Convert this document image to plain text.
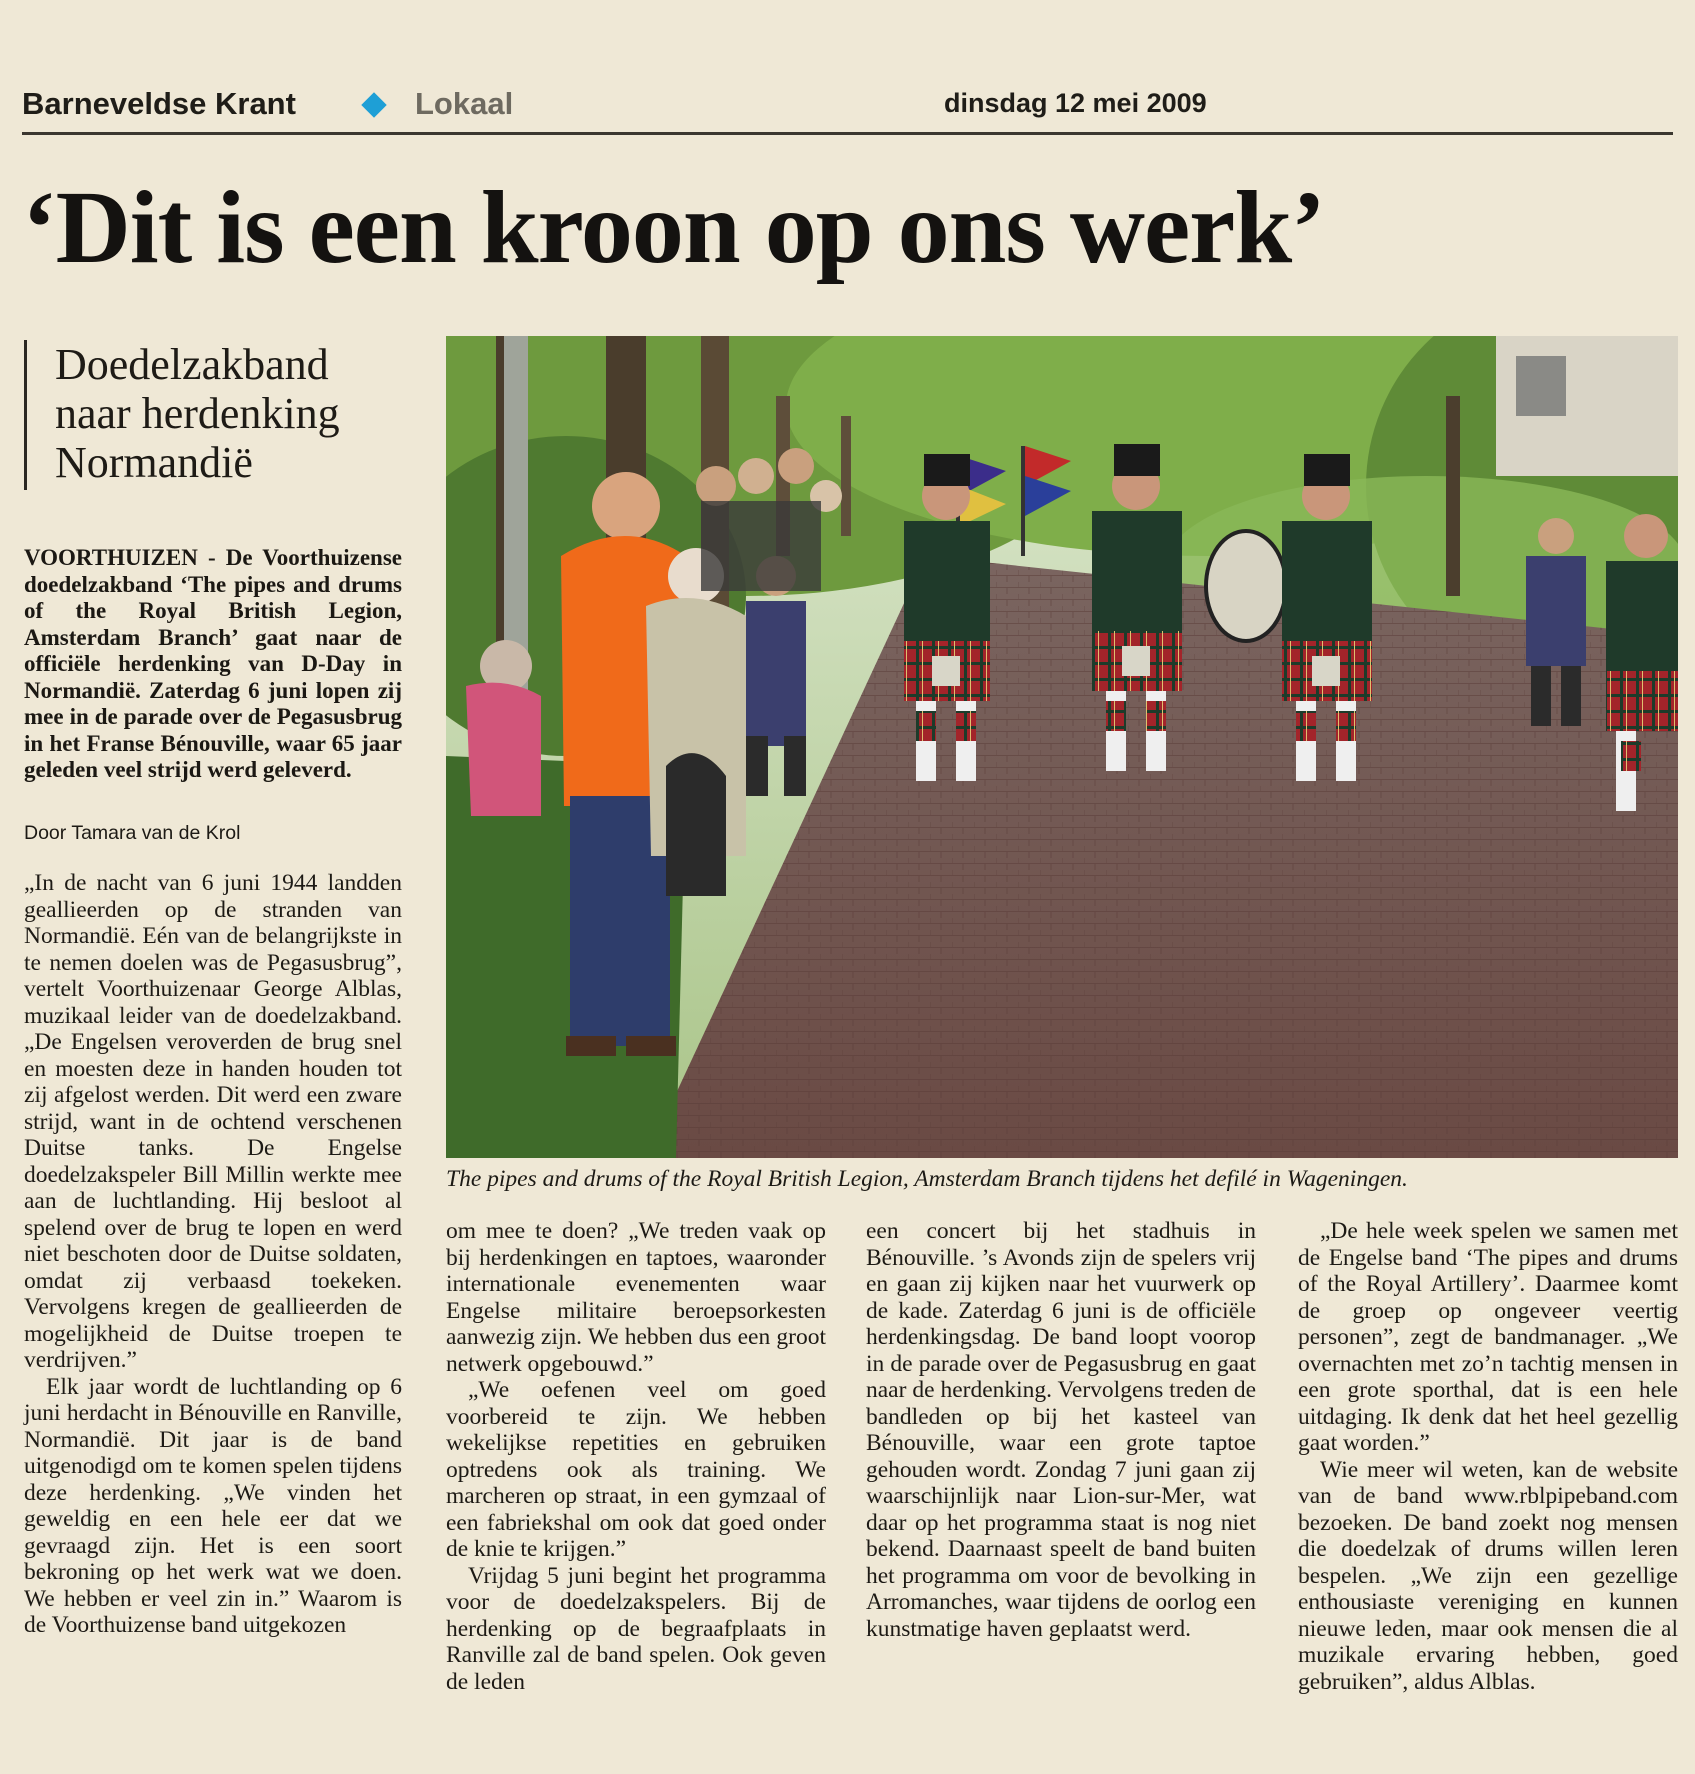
Barneveldse Krant	Lokaal	dinsdag 12 mei 2009
‘Dit is een kroon op ons werk’
Doedelzakband
naar herdenking
Normandië
The pipes and drums of the Royal British Legion, Amsterdam Branch tijdens het defilé in Wageningen.

VOORTHUIZEN - De Voorthuizense doedelzakband ‘The pipes and drums of the Royal British Legion, Amsterdam Branch’ gaat naar de officiële herdenking van D-Day in Normandië. Zaterdag 6 juni lopen zij mee in de parade over de Pegasusbrug in het Franse Bénouville, waar 65 jaar geleden veel strijd werd geleverd.

Door Tamara van de Krol

„In de nacht van 6 juni 1944 landden geallieerden op de stranden van Normandië. Eén van de belangrijkste in te nemen doelen was de Pegasusbrug”, vertelt Voorthuizenaar George Alblas, muzikaal leider van de doedelzakband. „De Engelsen veroverden de brug snel en moesten deze in handen houden tot zij afgelost werden. Dit werd een zware strijd, want in de ochtend verschenen Duitse tanks. De Engelse doedelzakspeler Bill Millin werkte mee aan de luchtlanding. Hij besloot al spelend over de brug te lopen en werd niet beschoten door de Duitse soldaten, omdat zij verbaasd toekeken. Vervolgens kregen de geallieerden de mogelijkheid de Duitse troepen te verdrijven.”

Elk jaar wordt de luchtlanding op 6 juni herdacht in Bénouville en Ranville, Normandië. Dit jaar is de band uitgenodigd om te komen spelen tijdens deze herdenking. „We vinden het geweldig en een hele eer dat we gevraagd zijn. Het is een soort bekroning op het werk wat we doen. We hebben er veel zin in.” Waarom is de Voorthuizense band uitgekozen

om mee te doen? „We treden vaak op bij herdenkingen en taptoes, waaronder internationale evenementen waar Engelse militaire beroepsorkesten aanwezig zijn. We hebben dus een groot netwerk opgebouwd.”

„We oefenen veel om goed voorbereid te zijn. We hebben wekelijkse repetities en gebruiken optredens ook als training. We marcheren op straat, in een gymzaal of een fabriekshal om ook dat goed onder de knie te krijgen.”

Vrijdag 5 juni begint het programma voor de doedelzakspelers. Bij de herdenking op de begraafplaats in Ranville zal de band spelen. Ook geven de leden

een concert bij het stadhuis in Bénouville. ’s Avonds zijn de spelers vrij en gaan zij kijken naar het vuurwerk op de kade. Zaterdag 6 juni is de officiële herdenkingsdag. De band loopt voorop in de parade over de Pegasusbrug en gaat naar de herdenking. Vervolgens treden de bandleden op bij het kasteel van Bénouville, waar een grote taptoe gehouden wordt. Zondag 7 juni gaan zij waarschijnlijk naar Lion-sur-Mer, wat daar op het programma staat is nog niet bekend. Daarnaast speelt de band buiten het programma om voor de bevolking in Arromanches, waar tijdens de oorlog een kunstmatige haven geplaatst werd.

„De hele week spelen we samen met de Engelse band ‘The pipes and drums of the Royal Artillery’. Daarmee komt de groep op ongeveer veertig personen”, zegt de bandmanager. „We overnachten met zo’n tachtig mensen in een grote sporthal, dat is een hele uitdaging. Ik denk dat het heel gezellig gaat worden.”

Wie meer wil weten, kan de website van de band www.rblpipeband.com bezoeken. De band zoekt nog mensen die doedelzak of drums willen leren bespelen. „We zijn een gezellige enthousiaste vereniging en kunnen nieuwe leden, maar ook mensen die al muzikale ervaring hebben, goed gebruiken”, aldus Alblas.
